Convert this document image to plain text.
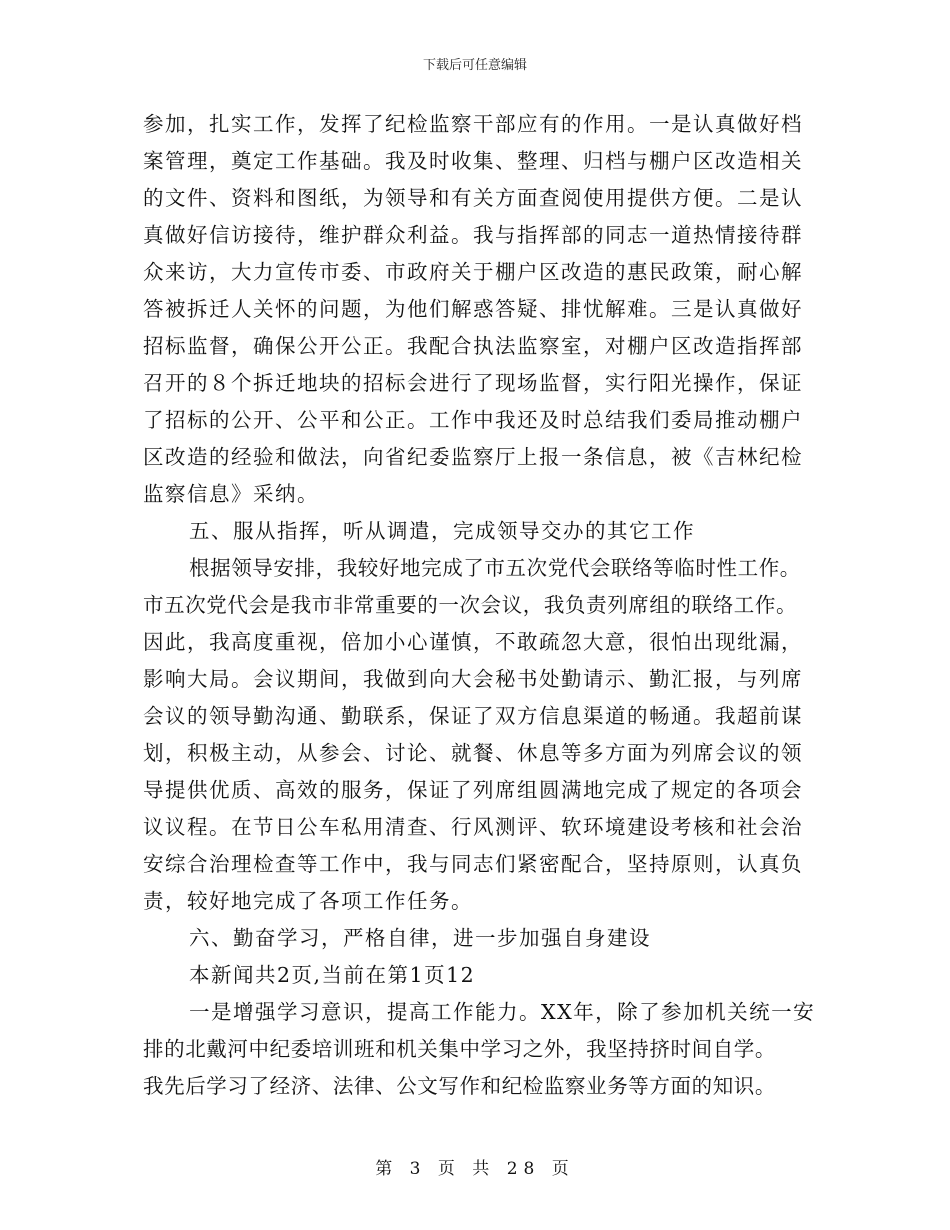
下载后可任意编辑
参加，扎实工作，发挥了纪检监察干部应有的作用。一是认真做好档
案管理，奠定工作基础。我及时收集、整理、归档与棚户区改造相关
的文件、资料和图纸，为领导和有关方面查阅使用提供方便。二是认
真做好信访接待，维护群众利益。我与指挥部的同志一道热情接待群
众来访，大力宣传市委、市政府关于棚户区改造的惠民政策，耐心解
答被拆迁人关怀的问题，为他们解惑答疑、排忧解难。三是认真做好
招标监督，确保公开公正。我配合执法监察室，对棚户区改造指挥部
召开的８个拆迁地块的招标会进行了现场监督，实行阳光操作，保证
了招标的公开、公平和公正。工作中我还及时总结我们委局推动棚户
区改造的经验和做法，向省纪委监察厅上报一条信息，被《吉林纪检
监察信息》采纳。
五、服从指挥，听从调遣，完成领导交办的其它工作
根据领导安排，我较好地完成了市五次党代会联络等临时性工作。
市五次党代会是我市非常重要的一次会议，我负责列席组的联络工作。
因此，我高度重视，倍加小心谨慎，不敢疏忽大意，很怕出现纰漏，
影响大局。会议期间，我做到向大会秘书处勤请示、勤汇报，与列席
会议的领导勤沟通、勤联系，保证了双方信息渠道的畅通。我超前谋
划，积极主动，从参会、讨论、就餐、休息等多方面为列席会议的领
导提供优质、高效的服务，保证了列席组圆满地完成了规定的各项会
议议程。在节日公车私用清查、行风测评、软环境建设考核和社会治
安综合治理检查等工作中，我与同志们紧密配合，坚持原则，认真负
责，较好地完成了各项工作任务。
六、勤奋学习，严格自律，进一步加强自身建设
本新闻共2页,当前在第1页12
一是增强学习意识，提高工作能力。XX年，除了参加机关统一安
排的北戴河中纪委培训班和机关集中学习之外，我坚持挤时间自学。
我先后学习了经济、法律、公文写作和纪检监察业务等方面的知识。
第 3 页 共 28 页
